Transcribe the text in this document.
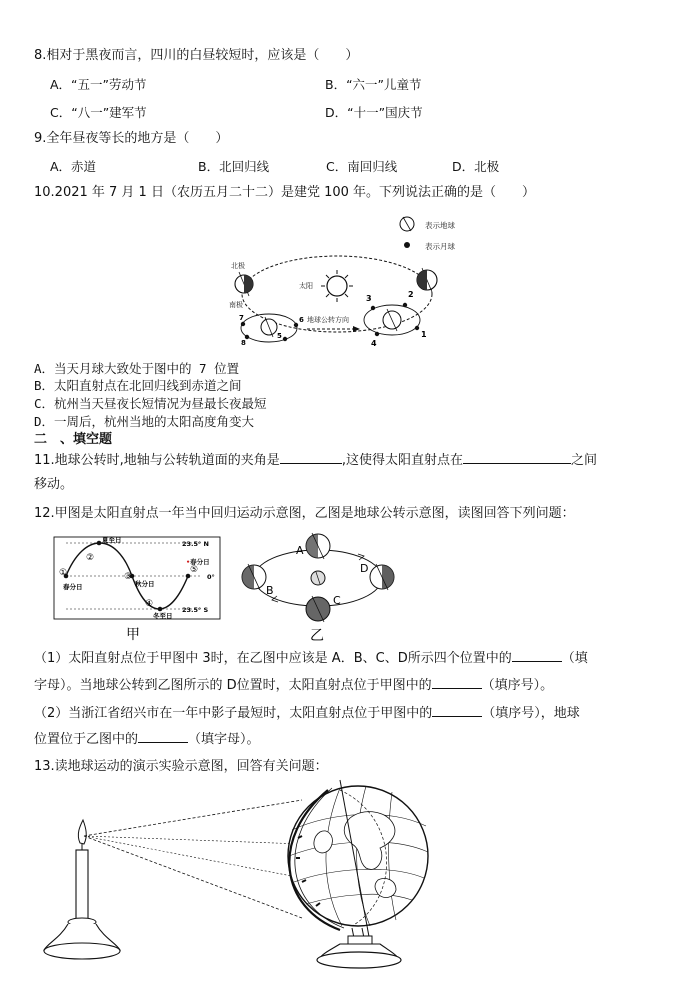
8.相对于黑夜而言，四川的白昼较短时，应该是（　　）
A．“五一”劳动节	B．“六一”儿童节
C．“八一”建军节	D．“十一”国庆节
9.全年昼夜等长的地方是（　　）
A．赤道	B．北回归线	C．南回归线	D．北极
10.2021 年 7 月 1 日（农历五月二十二）是建党 100 年。下列说法正确的是（　　）
表示地球
表示月球
太阳
北极
南极
7
8
5
6 地球公转方向
3	2
1
4
A．当天月球大致处于图中的 7 位置
B．太阳直射点在北回归线到赤道之间
C．杭州当天昼夜长短情况为昼最长夜最短
D．一周后，杭州当地的太阳高度角变大
二　、填空题
11.地球公转时,地轴与公转轨道面的夹角是	,这使得太阳直射点在	之间
移动。
12.甲图是太阳直射点一年当中回归运动示意图，乙图是地球公转示意图，读图回答下列问题：
①
②
③
④
⑤
夏至日
春分日	秋分日
冬至日
•春分日
23.5° N
0°
23.5° S
甲
A
B
C
D
乙
（1）太阳直射点位于甲图中 3时，在乙图中应该是 A．B、C、D所示四个位置中的	（填
字母）。当地球公转到乙图所示的 D位置时，太阳直射点位于甲图中的	（填序号）。
（2）当浙江省绍兴市在一年中影子最短时，太阳直射点位于甲图中的	（填序号），地球
位置位于乙图中的	（填字母）。
13.读地球运动的演示实验示意图，回答有关问题：
